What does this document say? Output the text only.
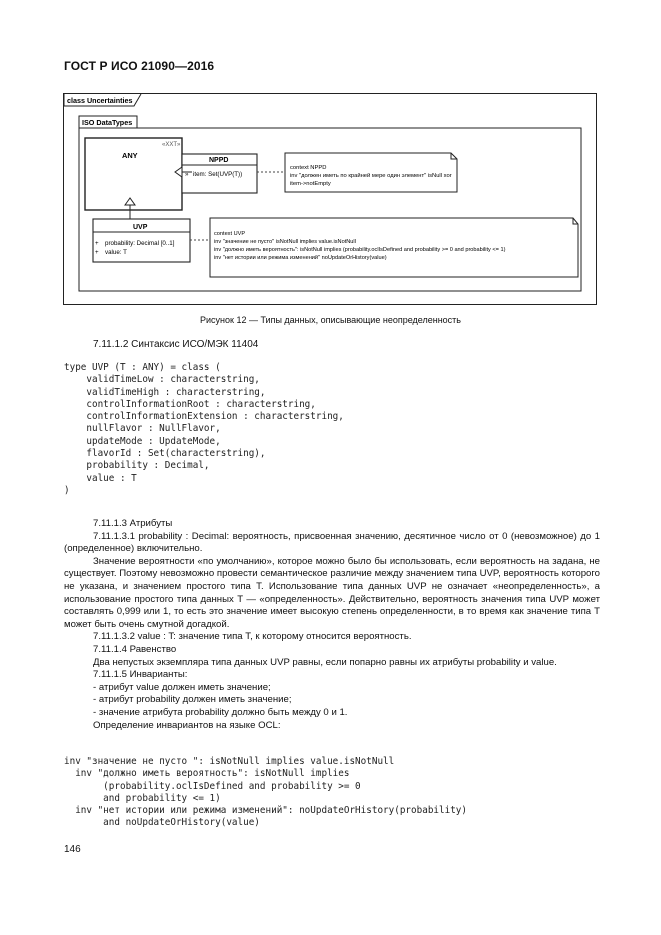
ГОСТ Р ИСО 21090—2016
class Uncertainties
ISO DataTypes
«XXT»
ANY
NPPD
» item: Set(UVP(T))
context NPPD
inv "должен иметь по крайней мере один элемент" isNull xor
item->notEmpty
UVP
+ probability: Decimal [0..1]
+ value: T
context UVP
inv "значение не пусто" isNotNull implies value.isNotNull
inv "должно иметь вероятность": isNotNull implies (probability.oclIsDefined and probability >= 0 and probability <= 1)
inv "нет истории или режима изменений" noUpdateOrHistory(value)
Рисунок 12 — Типы данных, описывающие неопределенность
7.11.1.2 Синтаксис ИСО/МЭК 11404
type UVP (T : ANY) = class (
validTimeLow : characterstring,
validTimeHigh : characterstring,
controlInformationRoot : characterstring,
controlInformationExtension : characterstring,
nullFlavor : NullFlavor,
updateMode : UpdateMode,
flavorId : Set(characterstring),
probability : Decimal,
value : T
)

7.11.1.3 Атрибуты

7.11.1.3.1 probability : Decimal: вероятность, присвоенная значению, десятичное число от 0 (невозможное) до 1 (определенное) включительно.

Значение вероятности «по умолчанию», которое можно было бы использовать, если вероятность на задана, не существует. Поэтому невозможно провести семантическое различие между значением типа UVP, вероятность которого не указана, и значением простого типа T. Использование типа данных UVP не означает «неопределенность», а использование простого типа данных T — «определенность». Действительно, вероятность значения типа UVP может составлять 0,999 или 1, то есть это значение имеет высокую степень определенности, в то время как значение типа T может быть очень смутной догадкой.

7.11.1.3.2 value : T: значение типа T, к которому относится вероятность.

7.11.1.4 Равенство

Два непустых экземпляра типа данных UVP равны, если попарно равны их атрибуты probability и value.

7.11.1.5 Инварианты:

- атрибут value должен иметь значение;

- атрибут probability должен иметь значение;

- значение атрибута probability должно быть между 0 и 1.

Определение инвариантов на языке OCL:

inv "значение не пусто ": isNotNull implies value.isNotNull
inv "должно иметь вероятность": isNotNull implies
(probability.oclIsDefined and probability >= 0
and probability <= 1)
inv "нет истории или режима изменений": noUpdateOrHistory(probability)
and noUpdateOrHistory(value)
146
